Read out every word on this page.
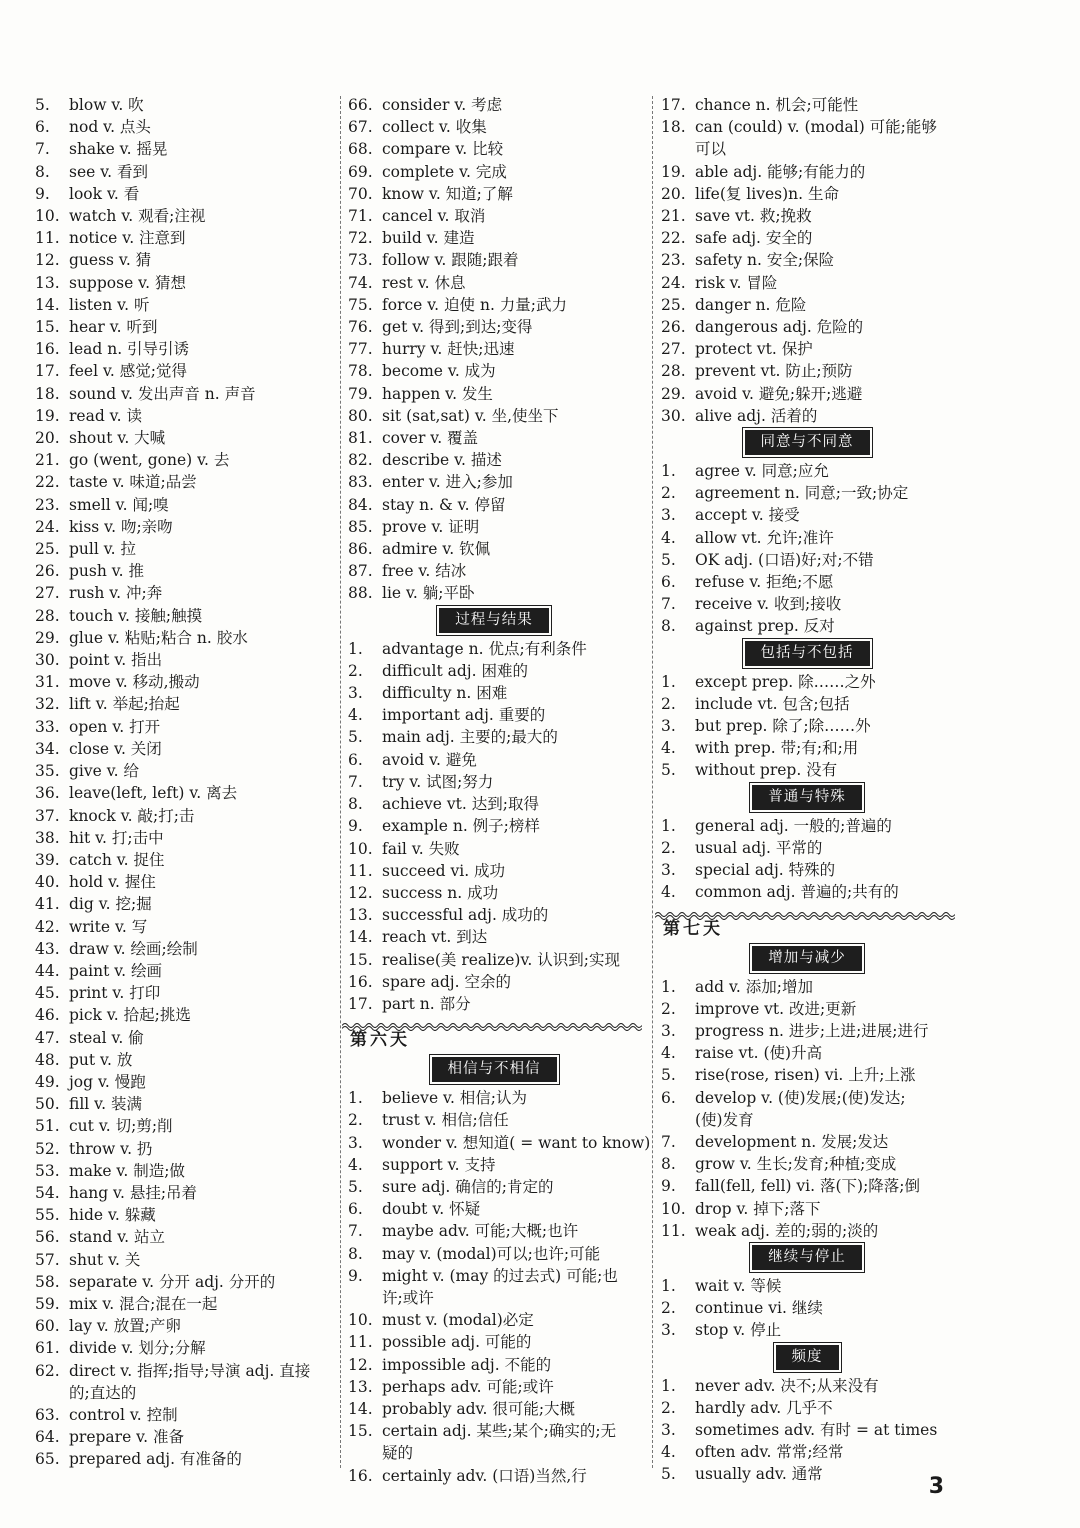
5.	blow v. 吹
6.	nod v. 点头
7.	shake v. 摇晃
8.	see v. 看到
9.	look v. 看
10. watch v. 观看;注视
11. notice v. 注意到
12. guess v. 猜
13. suppose v. 猜想
14. listen v. 听
15. hear v. 听到
16. lead n. 引导引诱
17. feel v. 感觉;觉得
18. sound v. 发出声音 n. 声音
19. read v. 读
20. shout v. 大喊
21. go (went, gone) v. 去
22. taste v. 味道;品尝
23. smell v. 闻;嗅
24. kiss v. 吻;亲吻
25. pull v. 拉
26. push v. 推
27. rush v. 冲;奔
28. touch v. 接触;触摸
29. glue v. 粘贴;粘合 n. 胶水
30. point v. 指出
31. move v. 移动,搬动
32. lift v. 举起;抬起
33. open v. 打开
34. close v. 关闭
35. give v. 给
36. leave(left, left) v. 离去
37. knock v. 敲;打;击
38. hit v. 打;击中
39. catch v. 捉住
40. hold v. 握住
41. dig v. 挖;掘
42. write v. 写
43. draw v. 绘画;绘制
44. paint v. 绘画
45. print v. 打印
46. pick v. 拾起;挑选
47. steal v. 偷
48. put v. 放
49. jog v. 慢跑
50. fill v. 装满
51. cut v. 切;剪;削
52. throw v. 扔
53. make v. 制造;做
54. hang v. 悬挂;吊着
55. hide v. 躲藏
56. stand v. 站立
57. shut v. 关
58. separate v. 分开 adj. 分开的
59. mix v. 混合;混在一起
60. lay v. 放置;产卵
61. divide v. 划分;分解
62. direct v. 指挥;指导;导演 adj. 直接
的;直达的
63. control v. 控制
64. prepare v. 准备
65. prepared adj. 有准备的
66. consider v. 考虑
67. collect v. 收集
68. compare v. 比较
69. complete v. 完成
70. know v. 知道;了解
71. cancel v. 取消
72. build v. 建造
73. follow v. 跟随;跟着
74. rest v. 休息
75. force v. 迫使 n. 力量;武力
76. get v. 得到;到达;变得
77. hurry v. 赶快;迅速
78. become v. 成为
79. happen v. 发生
80. sit (sat,sat) v. 坐,使坐下
81. cover v. 覆盖
82. describe v. 描述
83. enter v. 进入;参加
84. stay n. & v. 停留
85. prove v. 证明
86. admire v. 钦佩
87. free v. 结冰
88. lie v. 躺;平卧
过程与结果
1.	advantage n. 优点;有利条件
2.	difficult adj. 困难的
3.	difficulty n. 困难
4.	important adj. 重要的
5.	main adj. 主要的;最大的
6.	avoid v. 避免
7.	try v. 试图;努力
8.	achieve vt. 达到;取得
9.	example n. 例子;榜样
10. fail v. 失败
11. succeed vi. 成功
12. success n. 成功
13. successful adj. 成功的
14. reach vt. 到达
15. realise(美 realize)v. 认识到;实现
16. spare adj. 空余的
17. part n. 部分
第六天
相信与不相信
1.	believe v. 相信;认为
2.	trust v. 相信;信任
3.	wonder v. 想知道( = want to know)
4.	support v. 支持
5.	sure adj. 确信的;肯定的
6.	doubt v. 怀疑
7.	maybe adv. 可能;大概;也许
8.	may v. (modal)可以;也许;可能
9.	might v. (may 的过去式) 可能;也
许;或许
10. must v. (modal)必定
11. possible adj. 可能的
12. impossible adj. 不能的
13. perhaps adv. 可能;或许
14. probably adv. 很可能;大概
15. certain adj. 某些;某个;确实的;无
疑的
16. certainly adv. (口语)当然,行
17. chance n. 机会;可能性
18. can (could) v. (modal) 可能;能够
可以
19. able adj. 能够;有能力的
20. life(复 lives)n. 生命
21. save vt. 救;挽救
22. safe adj. 安全的
23. safety n. 安全;保险
24. risk v. 冒险
25. danger n. 危险
26. dangerous adj. 危险的
27. protect vt. 保护
28. prevent vt. 防止;预防
29. avoid v. 避免;躲开;逃避
30. alive adj. 活着的
同意与不同意
1.	agree v. 同意;应允
2.	agreement n. 同意;一致;协定
3.	accept v. 接受
4.	allow vt. 允许;准许
5.	OK adj. (口语)好;对;不错
6.	refuse v. 拒绝;不愿
7.	receive v. 收到;接收
8.	against prep. 反对
包括与不包括
1.	except prep. 除……之外
2.	include vt. 包含;包括
3.	but prep. 除了;除……外
4.	with prep. 带;有;和;用
5.	without prep. 没有
普通与特殊
1.	general adj. 一般的;普遍的
2.	usual adj. 平常的
3.	special adj. 特殊的
4.	common adj. 普遍的;共有的
第七天
增加与减少
1.	add v. 添加;增加
2.	improve vt. 改进;更新
3.	progress n. 进步;上进;进展;进行
4.	raise vt. (使)升高
5.	rise(rose, risen) vi. 上升;上涨
6.	develop v. (使)发展;(使)发达;
(使)发育
7.	development n. 发展;发达
8.	grow v. 生长;发育;种植;变成
9.	fall(fell, fell) vi. 落(下);降落;倒
10. drop v. 掉下;落下
11. weak adj. 差的;弱的;淡的
继续与停止
1.	wait v. 等候
2.	continue vi. 继续
3.	stop v. 停止
频度
1.	never adv. 决不;从来没有
2.	hardly adv. 几乎不
3.	sometimes adv. 有时 = at times
4.	often adv. 常常;经常
5.	usually adv. 通常	3
